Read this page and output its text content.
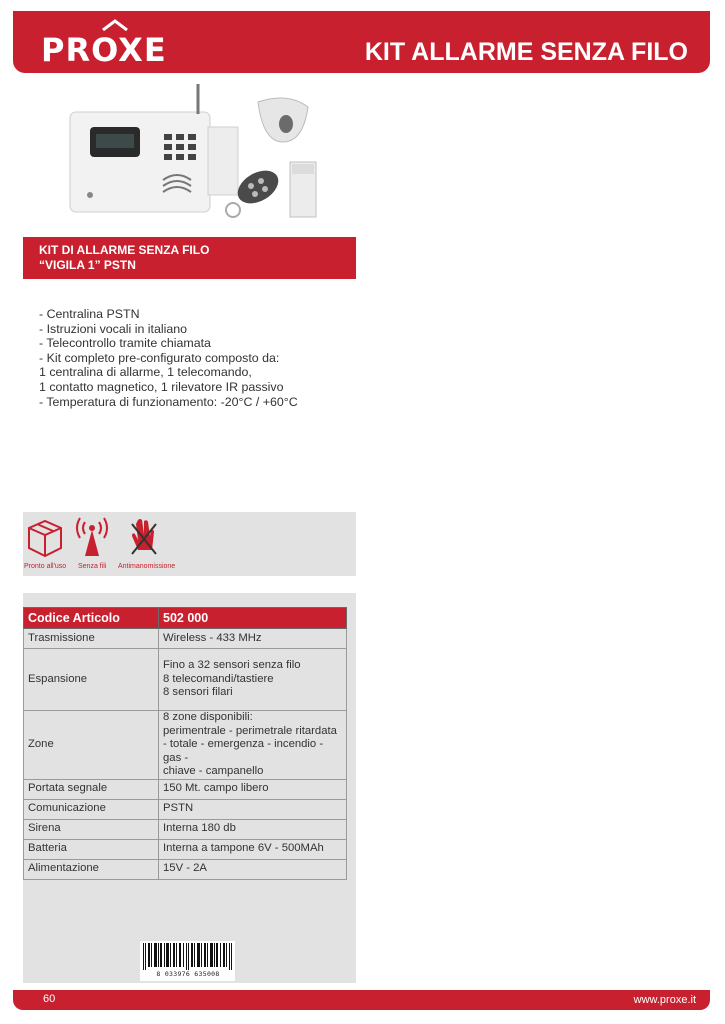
PROXE	KIT ALLARME SENZA FILO
KIT DI ALLARME SENZA FILO
“VIGILA 1” PSTN
- Centralina PSTN
- Istruzioni vocali in italiano
- Telecontrollo tramite chiamata
- Kit completo pre-configurato composto da:
1 centralina di allarme, 1 telecomando,
1 contatto magnetico, 1 rilevatore IR passivo
- Temperatura di funzionamento: -20°C / +60°C
Pronto all'uso Senza fili Antimanomissione
Codice Articolo	502 000
Trasmissione	Wireless - 433 MHz

Espansione	Fino a 32 sensori senza filo
8 telecomandi/tastiere
8 sensori filari

Zone	8 zone disponibili:
perimentrale - perimetrale ritardata
- totale - emergenza - incendio - gas -
chiave - campanello

Portata segnale	150 Mt. campo libero

Comunicazione	PSTN

Sirena	Interna 180 db

Batteria	Interna a tampone 6V - 500MAh

Alimentazione	15V - 2A
8 033976 635008
60	www.proxe.it
